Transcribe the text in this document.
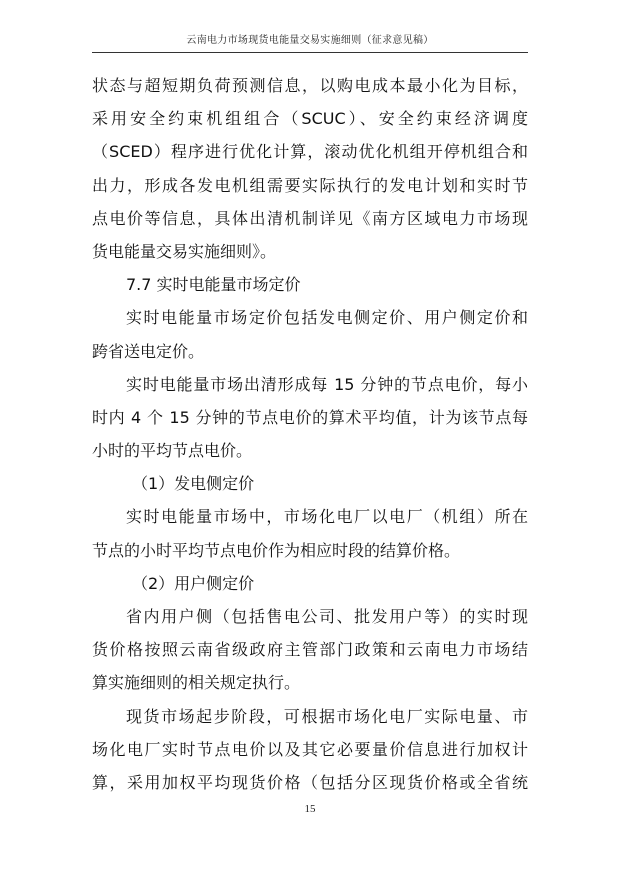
云南电力市场现货电能量交易实施细则（征求意见稿）
状态与超短期负荷预测信息，以购电成本最小化为目标，
采用安全约束机组组合（SCUC）、安全约束经济调度
（SCED）程序进行优化计算，滚动优化机组开停机组合和
出力，形成各发电机组需要实际执行的发电计划和实时节
点电价等信息，具体出清机制详见《南方区域电力市场现
货电能量交易实施细则》。
7.7 实时电能量市场定价
实时电能量市场定价包括发电侧定价、用户侧定价和
跨省送电定价。
实时电能量市场出清形成每 15 分钟的节点电价，每小
时内 4 个 15 分钟的节点电价的算术平均值，计为该节点每
小时的平均节点电价。
（1）发电侧定价
实时电能量市场中，市场化电厂以电厂（机组）所在
节点的小时平均节点电价作为相应时段的结算价格。
（2）用户侧定价
省内用户侧（包括售电公司、批发用户等）的实时现
货价格按照云南省级政府主管部门政策和云南电力市场结
算实施细则的相关规定执行。
现货市场起步阶段，可根据市场化电厂实际电量、市
场化电厂实时节点电价以及其它必要量价信息进行加权计
算，采用加权平均现货价格（包括分区现货价格或全省统
15
